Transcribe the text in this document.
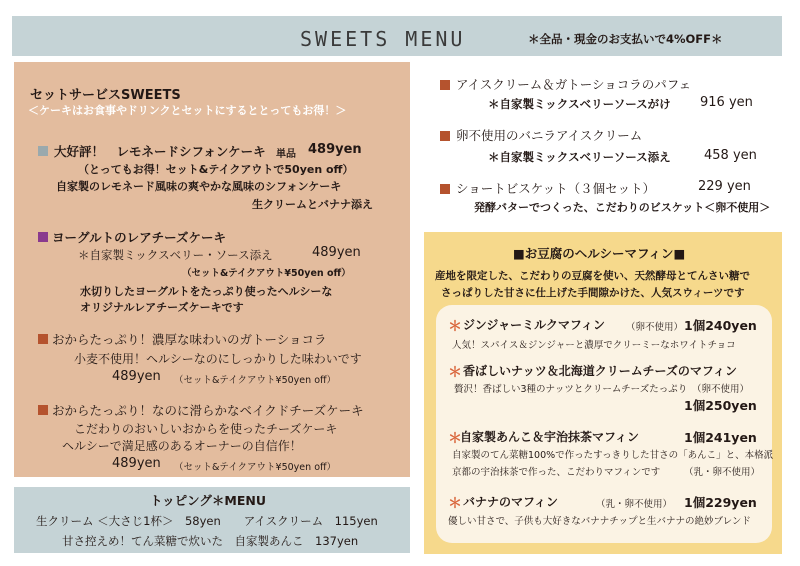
SWEETS MENU	＊全品・現金のお支払いで4%OFF＊
セットサービスSWEETS
＜ケーキはお食事やドリンクとセットにするととってもお得！＞
大好評！　レモネードシフォンケーキ 単品 489yen
（とってもお得！セット&テイクアウトで50yen off）
自家製のレモネード風味の爽やかな風味のシフォンケーキ
生クリームとバナナ添え
ヨーグルトのレアチーズケーキ
＊自家製ミックスベリー・ソース添え	489yen
（セット&テイクアウト¥50yen off）
水切りしたヨーグルトをたっぷり使ったヘルシーな
オリジナルレアチーズケーキです
おからたっぷり！濃厚な味わいのガトーショコラ
小麦不使用！ヘルシーなのにしっかりした味わいです
489yen （セット&テイクアウト¥50yen off）
おからたっぷり！なのに滑らかなベイクドチーズケーキ
こだわりのおいしいおからを使ったチーズケーキ
ヘルシーで満足感のあるオーナーの自信作！
489yen （セット&テイクアウト¥50yen off）
トッピング＊MENU
生クリーム ＜大さじ1杯＞　58yen　　アイスクリーム　115yen
甘さ控えめ！てん菜糖で炊いた　自家製あんこ　137yen
アイスクリーム＆ガトーショコラのパフェ
＊自家製ミックスベリーソースがけ 916 yen
卵不使用のバニラアイスクリーム
＊自家製ミックスベリーソース添え	458 yen
ショートビスケット（３個セット）	229 yen
発酵バターでつくった、こだわりのビスケット＜卵不使用＞
■お豆腐のヘルシーマフィン■
産地を限定した、こだわりの豆腐を使い、天然酵母とてんさい糖で
さっぱりした甘さに仕上げた手間隙かけた、人気スウィーツです
＊ ジンジャーミルクマフィン （卵不使用） 1個240yen
人気！スパイス＆ジンジャーと濃厚でクリーミーなホワイトチョコ
＊ 香ばしいナッツ＆北海道クリームチーズのマフィン
贅沢！香ばしい3種のナッツとクリームチーズたっぷり　（卵不使用）
1個250yen
＊
自家製あんこ＆宇治抹茶マフィン	1個241yen
自家製のてん菜糖100%で作ったすっきりした甘さの「あんこ」と、本格派
京都の宇治抹茶で作った、こだわりマフィンです	（乳・卵不使用）
＊ バナナのマフィン	（乳・卵不使用） 1個229yen
優しい甘さで、子供も大好きなバナナチップと生バナナの絶妙ブレンド
